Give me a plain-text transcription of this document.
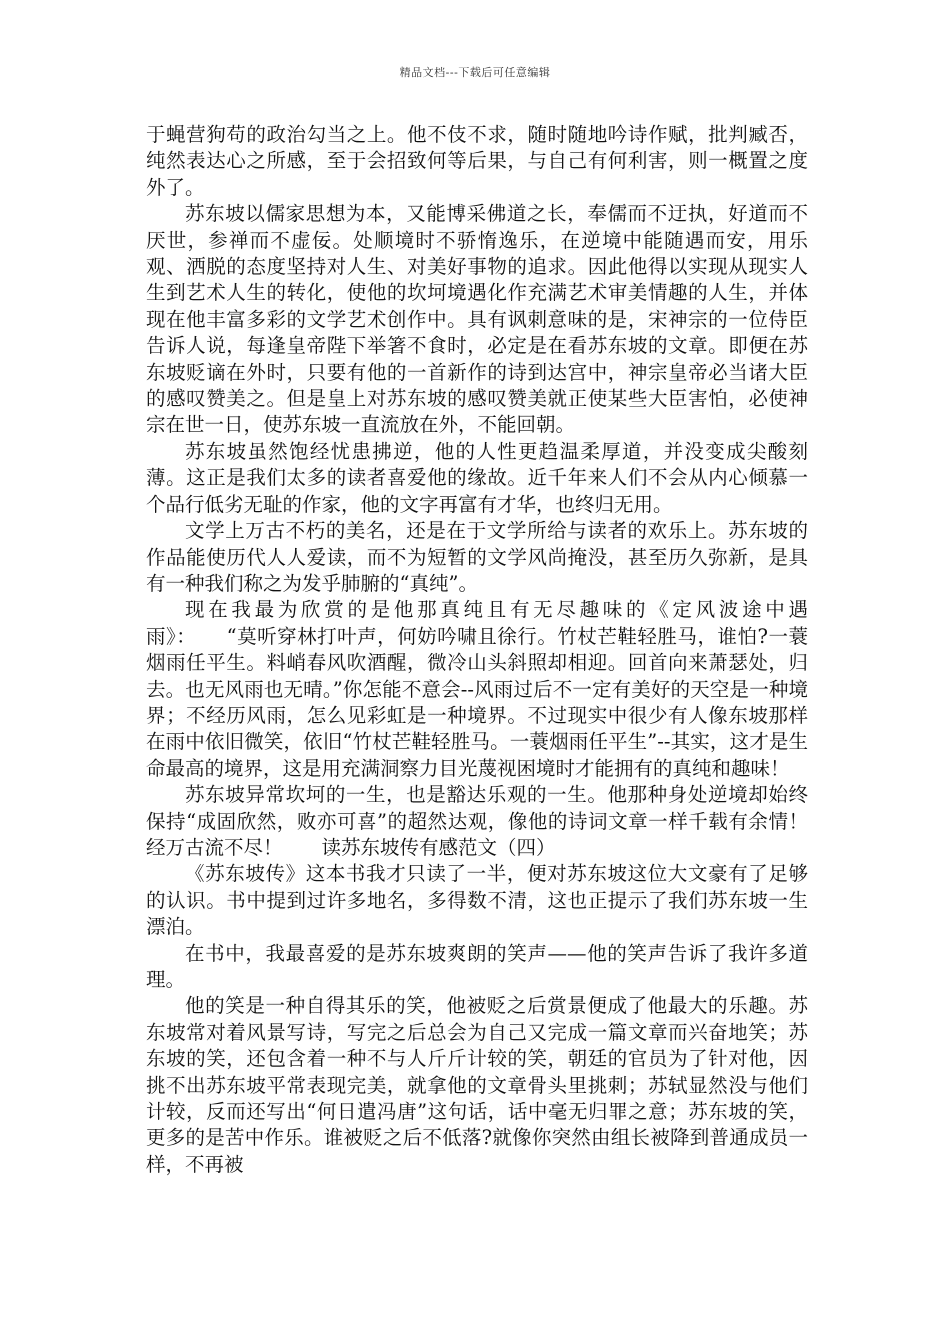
精品文档---下载后可任意编辑

于蝇营狗苟的政治勾当之上。他不伎不求，随时随地吟诗作赋，批判臧否，纯然表达心之所感，至于会招致何等后果，与自己有何利害，则一概置之度外了。

苏东坡以儒家思想为本，又能博采佛道之长，奉儒而不迂执，好道而不厌世，参禅而不虚佞。处顺境时不骄惰逸乐，在逆境中能随遇而安，用乐观、洒脱的态度坚持对人生、对美好事物的追求。因此他得以实现从现实人生到艺术人生的转化，使他的坎坷境遇化作充满艺术审美情趣的人生，并体现在他丰富多彩的文学艺术创作中。具有讽刺意味的是，宋神宗的一位侍臣告诉人说，每逢皇帝陛下举箸不食时，必定是在看苏东坡的文章。即便在苏东坡贬谪在外时，只要有他的一首新作的诗到达宫中，神宗皇帝必当诸大臣的感叹赞美之。但是皇上对苏东坡的感叹赞美就正使某些大臣害怕，必使神宗在世一日，使苏东坡一直流放在外，不能回朝。

苏东坡虽然饱经忧患拂逆，他的人性更趋温柔厚道，并没变成尖酸刻薄。这正是我们太多的读者喜爱他的缘故。近千年来人们不会从内心倾慕一个品行低劣无耻的作家，他的文字再富有才华，也终归无用。

文学上万古不朽的美名，还是在于文学所给与读者的欢乐上。苏东坡的作品能使历代人人爱读，而不为短暂的文学风尚掩没，甚至历久弥新，是具有一种我们称之为发乎肺腑的“真纯”。

现在我最为欣赏的是他那真纯且有无尽趣味的《定风波途中遇雨》：　　“莫听穿林打叶声，何妨吟啸且徐行。竹杖芒鞋轻胜马，谁怕?一蓑烟雨任平生。料峭春风吹酒醒，微冷山头斜照却相迎。回首向来萧瑟处，归去。也无风雨也无晴。”你怎能不意会--风雨过后不一定有美好的天空是一种境界；不经历风雨，怎么见彩虹是一种境界。不过现实中很少有人像东坡那样在雨中依旧微笑，依旧“竹杖芒鞋轻胜马。一蓑烟雨任平生”--其实，这才是生命最高的境界，这是用充满洞察力目光蔑视困境时才能拥有的真纯和趣味！

苏东坡异常坎坷的一生，也是豁达乐观的一生。他那种身处逆境却始终保持“成固欣然，败亦可喜”的超然达观，像他的诗词文章一样千载有余情！经万古流不尽！　　读苏东坡传有感范文（四）

《苏东坡传》这本书我才只读了一半，便对苏东坡这位大文豪有了足够的认识。书中提到过许多地名，多得数不清，这也正提示了我们苏东坡一生漂泊。

在书中，我最喜爱的是苏东坡爽朗的笑声——他的笑声告诉了我许多道理。

他的笑是一种自得其乐的笑，他被贬之后赏景便成了他最大的乐趣。苏东坡常对着风景写诗，写完之后总会为自己又完成一篇文章而兴奋地笑；苏东坡的笑，还包含着一种不与人斤斤计较的笑，朝廷的官员为了针对他，因挑不出苏东坡平常表现完美，就拿他的文章骨头里挑刺；苏轼显然没与他们计较，反而还写出“何日遣冯唐”这句话，话中毫无归罪之意；苏东坡的笑，更多的是苦中作乐。谁被贬之后不低落?就像你突然由组长被降到普通成员一样，不再被
